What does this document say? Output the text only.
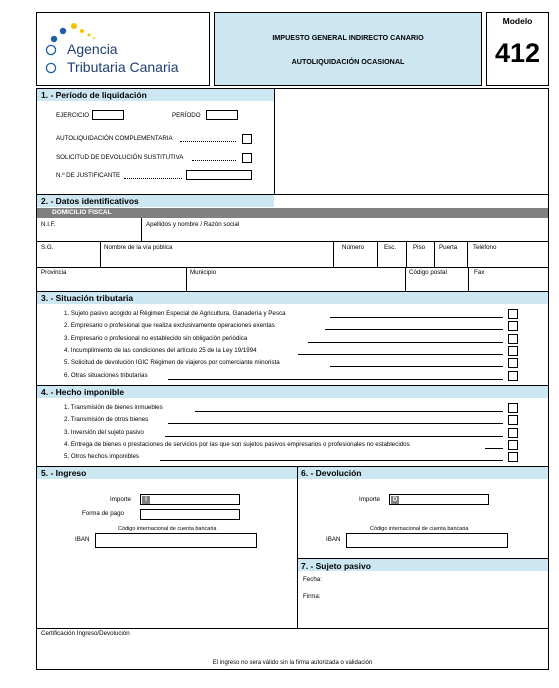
Agencia
Tributaria Canaria
IMPUESTO GENERAL INDIRECTO CANARIO
AUTOLIQUIDACIÓN OCASIONAL
Modelo
412
1. - Período de liquidación
EJERCICIO	PERÍODO
AUTOLIQUIDACIÓN COMPLEMENTARIA
SOLICITUD DE DEVOLUCIÓN SUSTITUTIVA
N.º DE JUSTIFICANTE
2. - Datos identificativos
DOMICILIO FISCAL
N.I.F.	Apellidos y nombre / Razón social
S.G.	Nombre de la vía pública	Número	Esc.	Piso Puerta	Teléfono
Provincia	Municipio	Código postal	Fax
3. - Situación tributaria
1. Sujeto pasivo acogido al Régimen Especial de Agricultura, Ganadería y Pesca
2. Empresario o profesional que realiza exclusivamente operaciones exentas
3. Empresario o profesional no establecido sin obligación periódica
4. Incumplimiento de las condiciones del artículo 25 de la Ley 19/1994
5. Solicitud de devolución IGIC Régimen de viajeros por comerciante minorista
6. Otras situaciones tributarias
4. - Hecho imponible
1. Transmisión de bienes inmuebles
2. Transmisión de otros bienes
3. Inversión del sujeto pasivo
4. Entrega de bienes o prestaciones de servicios por las que son sujetos pasivos empresarios o profesionales no establecidos
5. Otros hechos imponibles
5. - Ingreso
Importe	I
Forma de pago
Código internacional de cuenta bancaria
IBAN
6. - Devolución
Importe	D
Código internacional de cuenta bancaria
IBAN
7. - Sujeto pasivo
Fecha:
Firma:
Certificación Ingreso/Devolución
El ingreso no sera válido sin la firma autorizada o validación
